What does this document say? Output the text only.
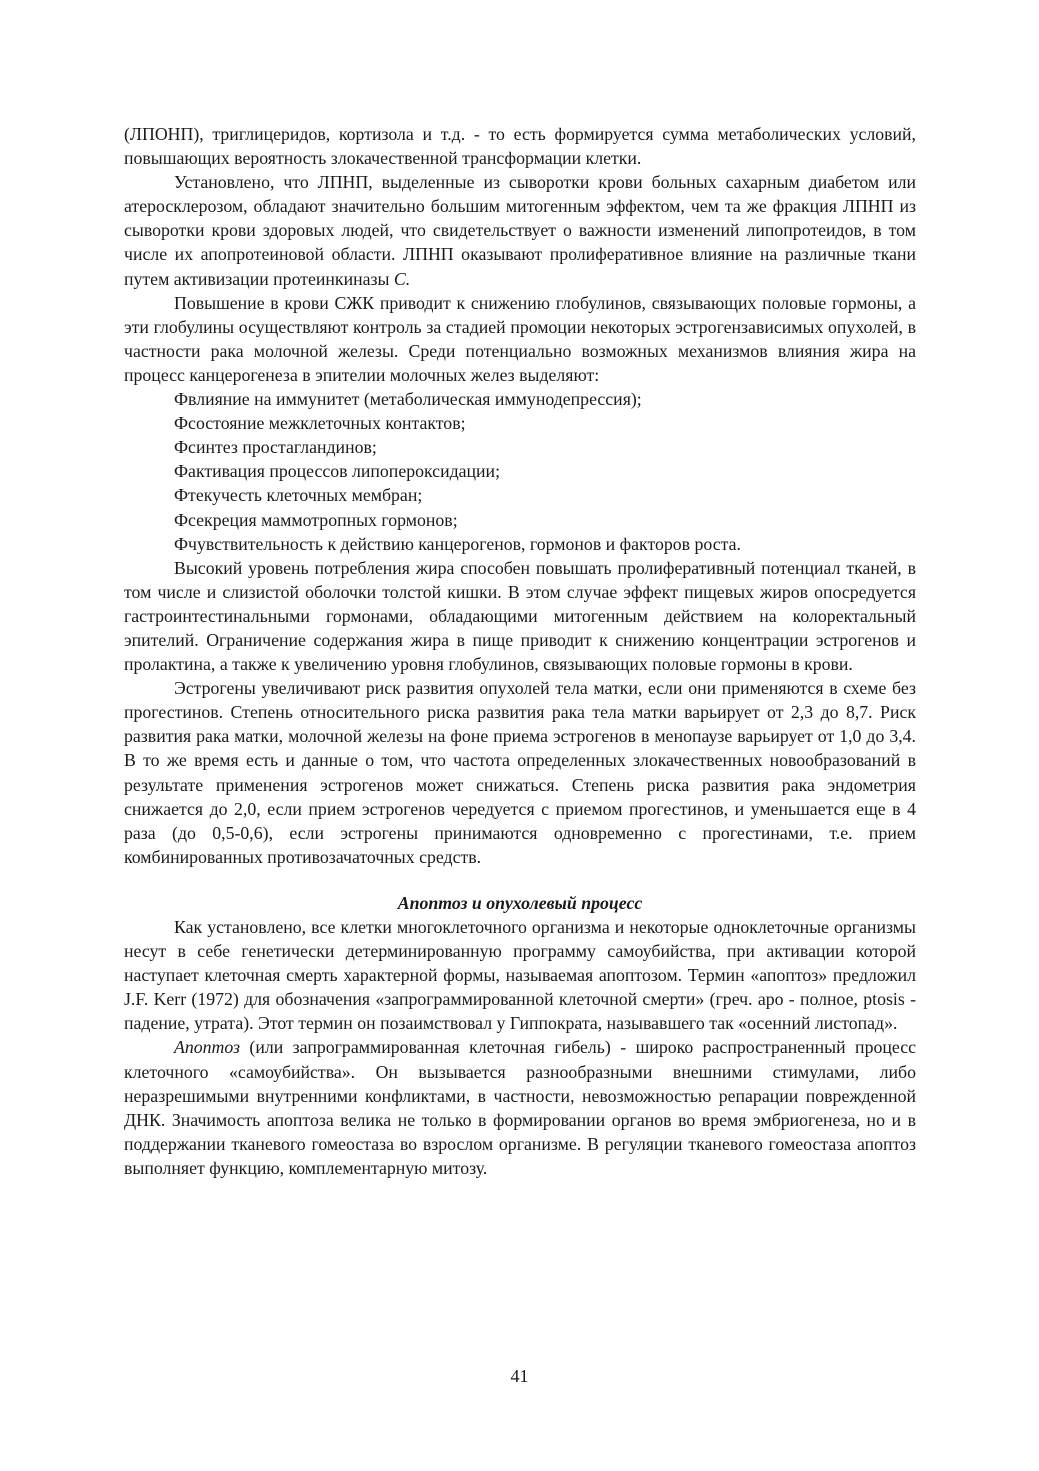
(ЛПОНП), триглицеридов, кортизола и т.д. - то есть формируется сумма метаболических условий, повышающих вероятность злокачественной трансформации клетки.

Установлено, что ЛПНП, выделенные из сыворотки крови больных сахарным диабетом или атеросклерозом, обладают значительно большим митогенным эффектом, чем та же фракция ЛПНП из сыворотки крови здоровых людей, что свидетельствует о важности изменений липопротеидов, в том числе их апопротеиновой области. ЛПНП оказывают пролиферативное влияние на различные ткани путем активизации протеинкиназы С.

Повышение в крови СЖК приводит к снижению глобулинов, связывающих половые гормоны, а эти глобулины осуществляют контроль за стадией промоции некоторых эстрогензависимых опухолей, в частности рака молочной железы. Среди потенциально возможных механизмов влияния жира на процесс канцерогенеза в эпителии молочных желез выделяют:

Фвлияние на иммунитет (метаболическая иммунодепрессия);
Фсостояние межклеточных контактов;
Фсинтез простагландинов;
Фактивация процессов липопероксидации;
Фтекучесть клеточных мембран;
Фсекреция маммотропных гормонов;
Фчувствительность к действию канцерогенов, гормонов и факторов роста.

Высокий уровень потребления жира способен повышать пролиферативный потенциал тканей, в том числе и слизистой оболочки толстой кишки. В этом случае эффект пищевых жиров опосредуется гастроинтестинальными гормонами, обладающими митогенным действием на колоректальный эпителий. Ограничение содержания жира в пище приводит к снижению концентрации эстрогенов и пролактина, а также к увеличению уровня глобулинов, связывающих половые гормоны в крови.

Эстрогены увеличивают риск развития опухолей тела матки, если они применяются в схеме без прогестинов. Степень относительного риска развития рака тела матки варьирует от 2,3 до 8,7. Риск развития рака матки, молочной железы на фоне приема эстрогенов в менопаузе варьирует от 1,0 до 3,4. В то же время есть и данные о том, что частота определенных злокачественных новообразований в результате применения эстрогенов может снижаться. Степень риска развития рака эндометрия снижается до 2,0, если прием эстрогенов чередуется с приемом прогестинов, и уменьшается еще в 4 раза (до 0,5-0,6), если эстрогены принимаются одновременно с прогестинами, т.е. прием комбинированных противозачаточных средств.

Апоптоз и опухолевый процесс

Как установлено, все клетки многоклеточного организма и некоторые одноклеточные организмы несут в себе генетически детерминированную программу самоубийства, при активации которой наступает клеточная смерть характерной формы, называемая апоптозом. Термин «апоптоз» предложил J.F. Kerr (1972) для обозначения «запрограммированной клеточной смерти» (греч. apo - полное, ptosis - падение, утрата). Этот термин он позаимствовал у Гиппократа, называвшего так «осенний листопад».

Апоптоз (или запрограммированная клеточная гибель) - широко распространенный процесс клеточного «самоубийства». Он вызывается разнообразными внешними стимулами, либо неразрешимыми внутренними конфликтами, в частности, невозможностью репарации поврежденной ДНК. Значимость апоптоза велика не только в формировании органов во время эмбриогенеза, но и в поддержании тканевого гомеостаза во взрослом организме. В регуляции тканевого гомеостаза апоптоз выполняет функцию, комплементарную митозу.

41
